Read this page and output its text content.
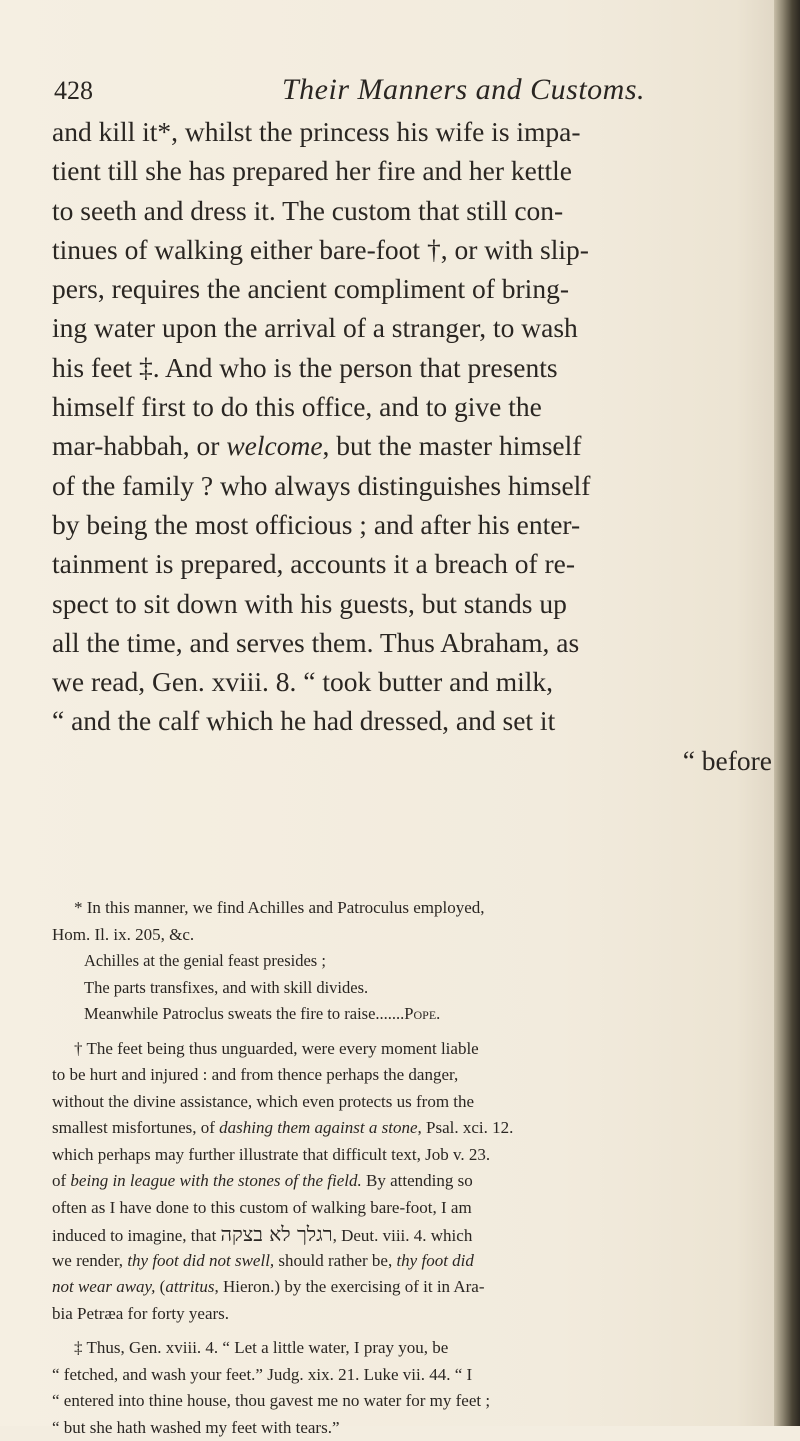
428	Their Manners and Customs.
and kill it*, whilst the princess his wife is impa-
tient till she has prepared her fire and her kettle
to seeth and dress it. The custom that still con-
tinues of walking either bare-foot †, or with slip-
pers, requires the ancient compliment of bring-
ing water upon the arrival of a stranger, to wash
his feet ‡. And who is the person that presents
himself first to do this office, and to give the
mar-habbah, or welcome, but the master himself
of the family ? who always distinguishes himself
by being the most officious ; and after his enter-
tainment is prepared, accounts it a breach of re-
spect to sit down with his guests, but stands up
all the time, and serves them. Thus Abraham, as
we read, Gen. xviii. 8. “ took butter and milk,
“ and the calf which he had dressed, and set it
“ before
* In this manner, we find Achilles and Patroculus employed,
Hom. Il. ix. 205, &c.
Achilles at the genial feast presides ;
The parts transfixes, and with skill divides.
Meanwhile Patroclus sweats the fire to raise.......Pope.
† The feet being thus unguarded, were every moment liable
to be hurt and injured : and from thence perhaps the danger,
without the divine assistance, which even protects us from the
smallest misfortunes, of dashing them against a stone, Psal. xci. 12.
which perhaps may further illustrate that difficult text, Job v. 23.
of being in league with the stones of the field. By attending so
often as I have done to this custom of walking bare-foot, I am
induced to imagine, that רגלך לא בצקה, Deut. viii. 4. which
we render, thy foot did not swell, should rather be, thy foot did
not wear away, (attritus, Hieron.) by the exercising of it in Ara-
bia Petræa for forty years.
‡ Thus, Gen. xviii. 4. “ Let a little water, I pray you, be
“ fetched, and wash your feet.” Judg. xix. 21. Luke vii. 44. “ I
“ entered into thine house, thou gavest me no water for my feet ;
“ but she hath washed my feet with tears.”
